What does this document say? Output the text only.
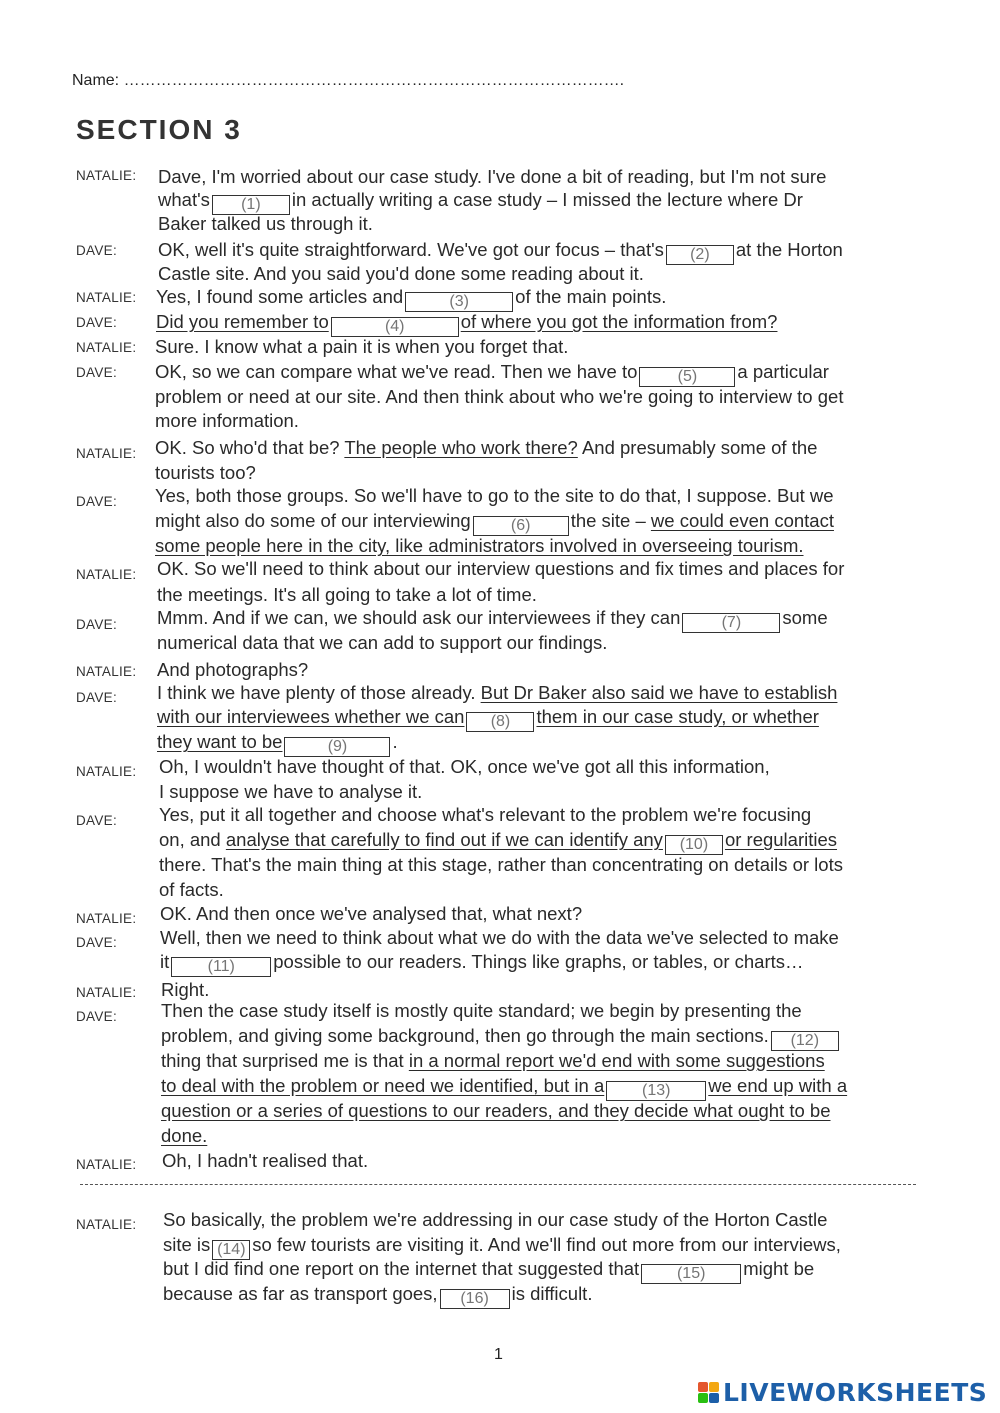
Name: ………………………………………………………………………………….
SECTION 3
NATALIE: Dave, I'm worried about our case study. I've done a bit of reading, but I'm not sure
what's(1)	in actually writing a case study – I missed the lecture where Dr
Baker talked us through it.
DAVE: OK, well it's quite straightforward. We've got our focus – that's(2)	at the Horton
Castle site. And you said you'd done some reading about it.
NATALIE: Yes, I found some articles and(3)	of the main points.
DAVE: Did you remember to(4)	of where you got the information from?
NATALIE: Sure. I know what a pain it is when you forget that.
DAVE: OK, so we can compare what we've read. Then we have to(5)	a particular
problem or need at our site. And then think about who we're going to interview to get
more information.
NATALIE: OK. So who'd that be? The people who work there? And presumably some of the
tourists too?
DAVE: Yes, both those groups. So we'll have to go to the site to do that, I suppose. But we
might also do some of our interviewing(6)	the site – we could even contact
some people here in the city, like administrators involved in overseeing tourism.
NATALIE: OK. So we'll need to think about our interview questions and fix times and places for
the meetings. It's all going to take a lot of time.
DAVE: Mmm. And if we can, we should ask our interviewees if they can(7)	some
numerical data that we can add to support our findings.
NATALIE: And photographs?
DAVE: I think we have plenty of those already. But Dr Baker also said we have to establish
with our interviewees whether we can(8)	them in our case study, or whether
they want to be(9)	.
NATALIE: Oh, I wouldn't have thought of that. OK, once we've got all this information,
I suppose we have to analyse it.
DAVE: Yes, put it all together and choose what's relevant to the problem we're focusing
on, and analyse that carefully to find out if we can identify any(10)	or regularities
there. That's the main thing at this stage, rather than concentrating on details or lots
of facts.
NATALIE: OK. And then once we've analysed that, what next?
DAVE: Well, then we need to think about what we do with the data we've selected to make
it(11)	possible to our readers. Things like graphs, or tables, or charts…
NATALIE: Right.
DAVE: Then the case study itself is mostly quite standard; we begin by presenting the
problem, and giving some background, then go through the main sections.(12)
thing that surprised me is that in a normal report we'd end with some suggestions
to deal with the problem or need we identified, but in a(13)	we end up with a
question or a series of questions to our readers, and they decide what ought to be
done.
NATALIE: Oh, I hadn't realised that.
NATALIE: So basically, the problem we're addressing in our case study of the Horton Castle
site is(14) so few tourists are visiting it. And we'll find out more from our interviews,
but I did find one report on the internet that suggested that(15)	might be
because as far as transport goes,(16)	is difficult.
1
LIVEWORKSHEETS
